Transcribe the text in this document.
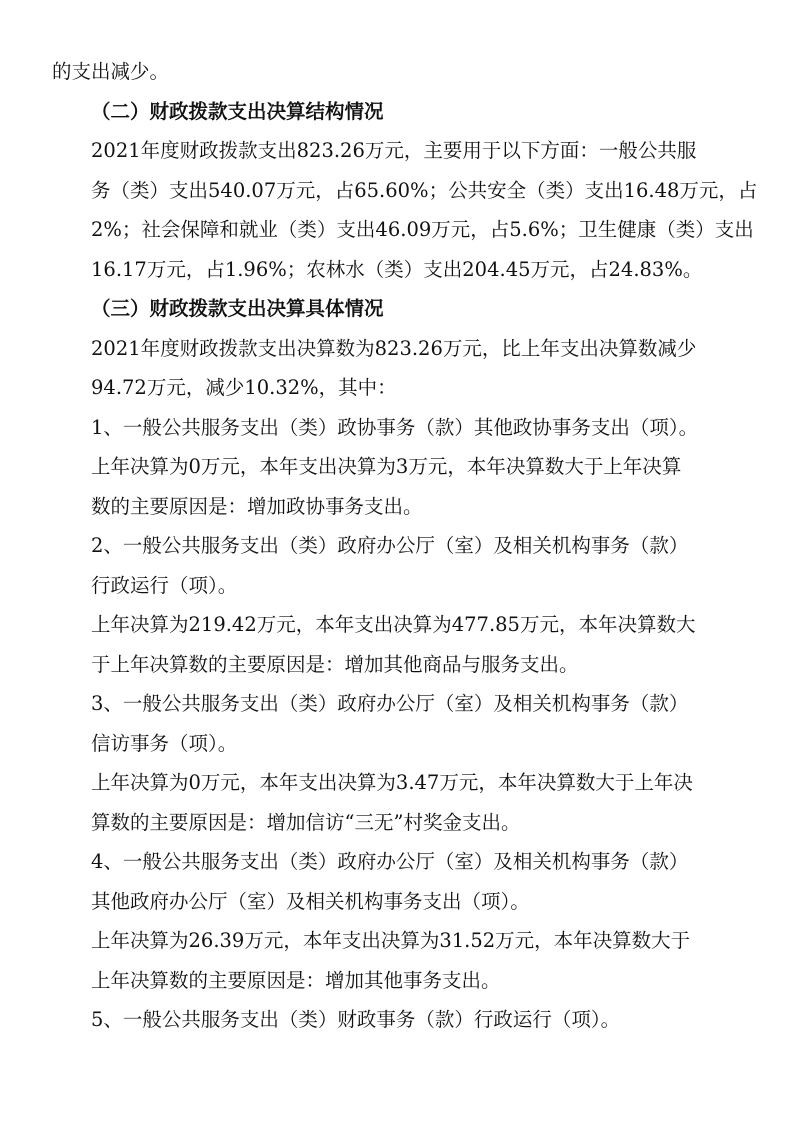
的支出减少。

（二）财政拨款支出决算结构情况

2021年度财政拨款支出823.26万元，主要用于以下方面：一般公共服
务（类）支出540.07万元，占65.60%；公共安全（类）支出16.48万元，占
2%；社会保障和就业（类）支出46.09万元，占5.6%；卫生健康（类）支出
16.17万元，占1.96%；农林水（类）支出204.45万元，占24.83%。

（三）财政拨款支出决算具体情况

2021年度财政拨款支出决算数为823.26万元，比上年支出决算数减少
94.72万元，减少10.32%，其中：

1、一般公共服务支出（类）政协事务（款）其他政协事务支出（项）。

上年决算为0万元，本年支出决算为3万元，本年决算数大于上年决算
数的主要原因是：增加政协事务支出。

2、一般公共服务支出（类）政府办公厅（室）及相关机构事务（款）
行政运行（项）。

上年决算为219.42万元，本年支出决算为477.85万元，本年决算数大
于上年决算数的主要原因是：增加其他商品与服务支出。

3、一般公共服务支出（类）政府办公厅（室）及相关机构事务（款）
信访事务（项）。

上年决算为0万元，本年支出决算为3.47万元，本年决算数大于上年决
算数的主要原因是：增加信访“三无”村奖金支出。

4、一般公共服务支出（类）政府办公厅（室）及相关机构事务（款）
其他政府办公厅（室）及相关机构事务支出（项）。

上年决算为26.39万元，本年支出决算为31.52万元，本年决算数大于
上年决算数的主要原因是：增加其他事务支出。

5、一般公共服务支出（类）财政事务（款）行政运行（项）。
